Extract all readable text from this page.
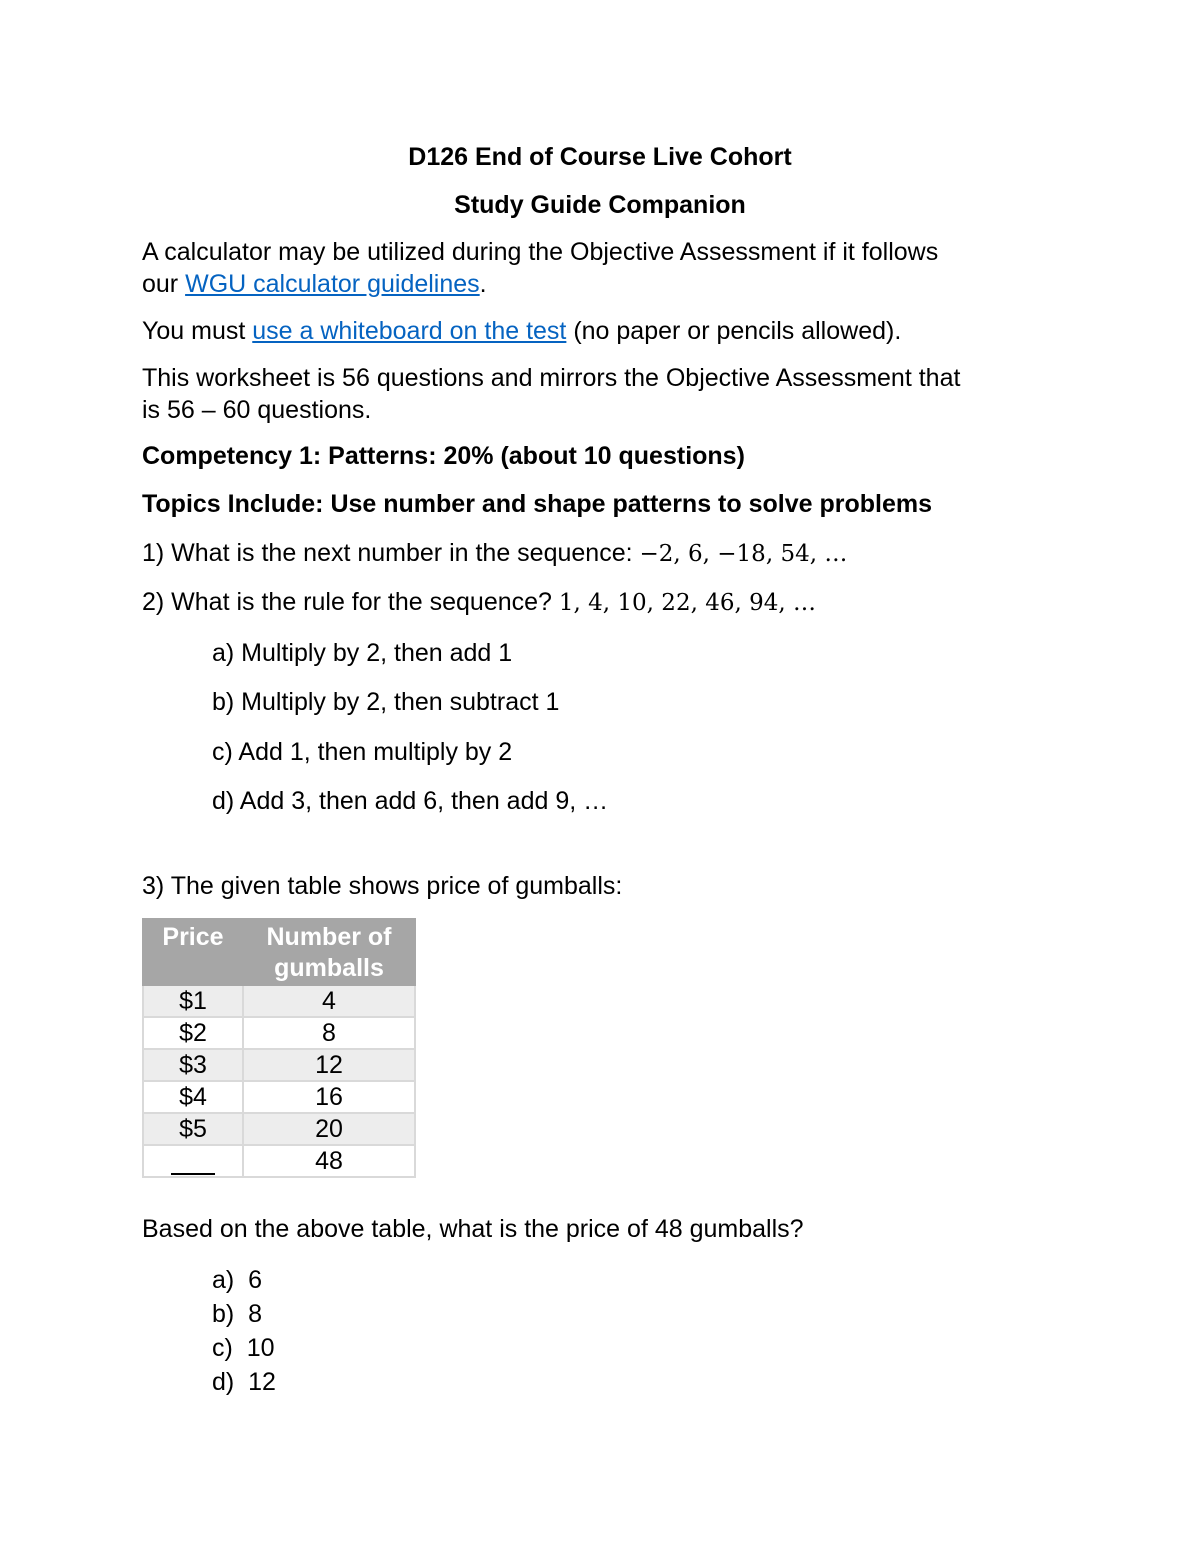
D126 End of Course Live Cohort
Study Guide Companion
A calculator may be utilized during the Objective Assessment if it follows
our WGU calculator guidelines.
You must use a whiteboard on the test (no paper or pencils allowed).
This worksheet is 56 questions and mirrors the Objective Assessment that
is 56 – 60 questions.
Competency 1: Patterns: 20% (about 10 questions)
Topics Include: Use number and shape patterns to solve problems
1) What is the next number in the sequence: −2, 6, −18, 54, …
2) What is the rule for the sequence? 1, 4, 10, 22, 46, 94, …
a) Multiply by 2, then add 1
b) Multiply by 2, then subtract 1
c) Add 1, then multiply by 2
d) Add 3, then add 6, then add 9, …
3) The given table shows price of gumballs:
Price	Number of gumballs
$1	4
$2	8
$3	12
$4	16
$5	20
	48
Based on the above table, what is the price of 48 gumballs?
a)  6
b)  8
c)  10
d)  12
